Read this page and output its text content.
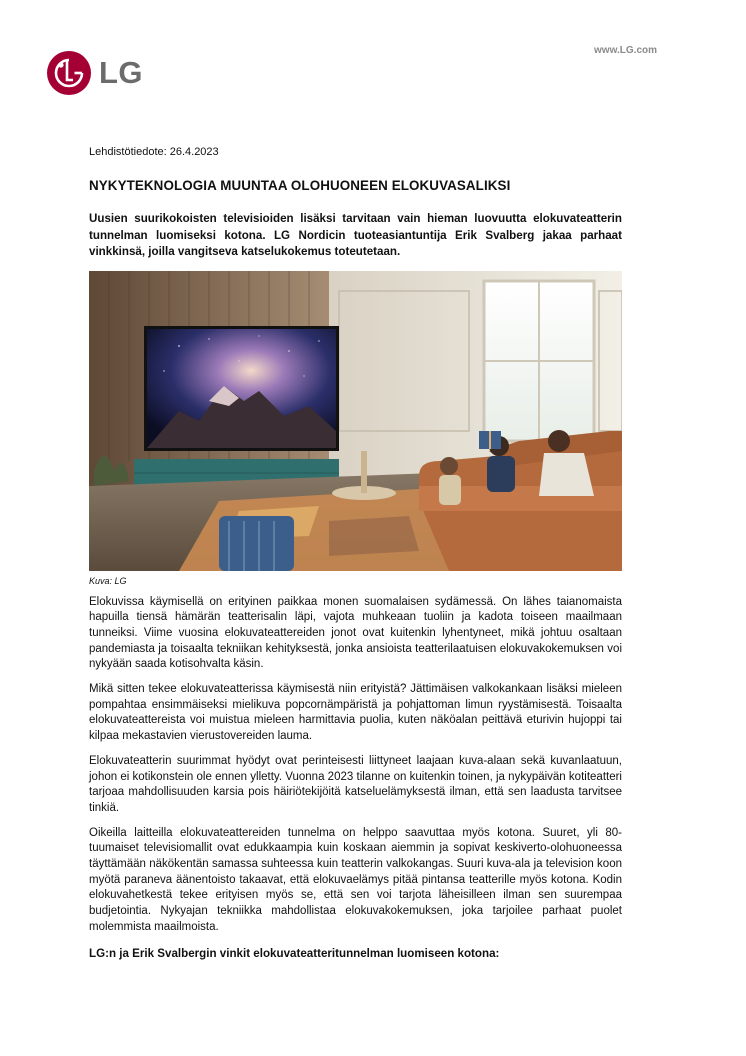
LG
www.LG.com

Lehdistötiedote: 26.4.2023

NYKYTEKNOLOGIA MUUNTAA OLOHUONEEN ELOKUVASALIKSI

Uusien suurikokoisten televisioiden lisäksi tarvitaan vain hieman luovuutta elokuvateatterin tunnelman luomiseksi kotona. LG Nordicin tuoteasiantuntija Erik Svalberg jakaa parhaat vinkkinsä, joilla vangitseva katselukokemus toteutetaan.

Kuva: LG

Elokuvissa käymisellä on erityinen paikkaa monen suomalaisen sydämessä. On lähes taianomaista hapuilla tiensä hämärän teatterisalin läpi, vajota muhkeaan tuoliin ja kadota toiseen maailmaan tunneiksi. Viime vuosina elokuvateattereiden jonot ovat kuitenkin lyhentyneet, mikä johtuu osaltaan pandemiasta ja toisaalta tekniikan kehityksestä, jonka ansioista teatterilaatuisen elokuvakokemuksen voi nykyään saada kotisohvalta käsin.

Mikä sitten tekee elokuvateatterissa käymisestä niin erityistä? Jättimäisen valkokankaan lisäksi mieleen pompahtaa ensimmäiseksi mielikuva popcornämpäristä ja pohjattoman limun ryystämisestä. Toisaalta elokuvateattereista voi muistua mieleen harmittavia puolia, kuten näköalan peittävä eturivin hujoppi tai kilpaa mekastavien vierustovereiden lauma.

Elokuvateatterin suurimmat hyödyt ovat perinteisesti liittyneet laajaan kuva-alaan sekä kuvanlaatuun, johon ei kotikonstein ole ennen ylletty. Vuonna 2023 tilanne on kuitenkin toinen, ja nykypäivän kotiteatteri tarjoaa mahdollisuuden karsia pois häiriötekijöitä katseluelämyksestä ilman, että sen laadusta tarvitsee tinkiä.

Oikeilla laitteilla elokuvateattereiden tunnelma on helppo saavuttaa myös kotona. Suuret, yli 80-tuumaiset televisiomallit ovat edukkaampia kuin koskaan aiemmin ja sopivat keskiverto-olohuoneessa täyttämään näkökentän samassa suhteessa kuin teatterin valkokangas. Suuri kuva-ala ja television koon myötä paraneva äänentoisto takaavat, että elokuvaelämys pitää pintansa teatterille myös kotona. Kodin elokuvahetkestä tekee erityisen myös se, että sen voi tarjota läheisilleen ilman sen suurempaa budjetointia. Nykyajan tekniikka mahdollistaa elokuvakokemuksen, joka tarjoilee parhaat puolet molemmista maailmoista.

LG:n ja Erik Svalbergin vinkit elokuvateatteritunnelman luomiseen kotona:
